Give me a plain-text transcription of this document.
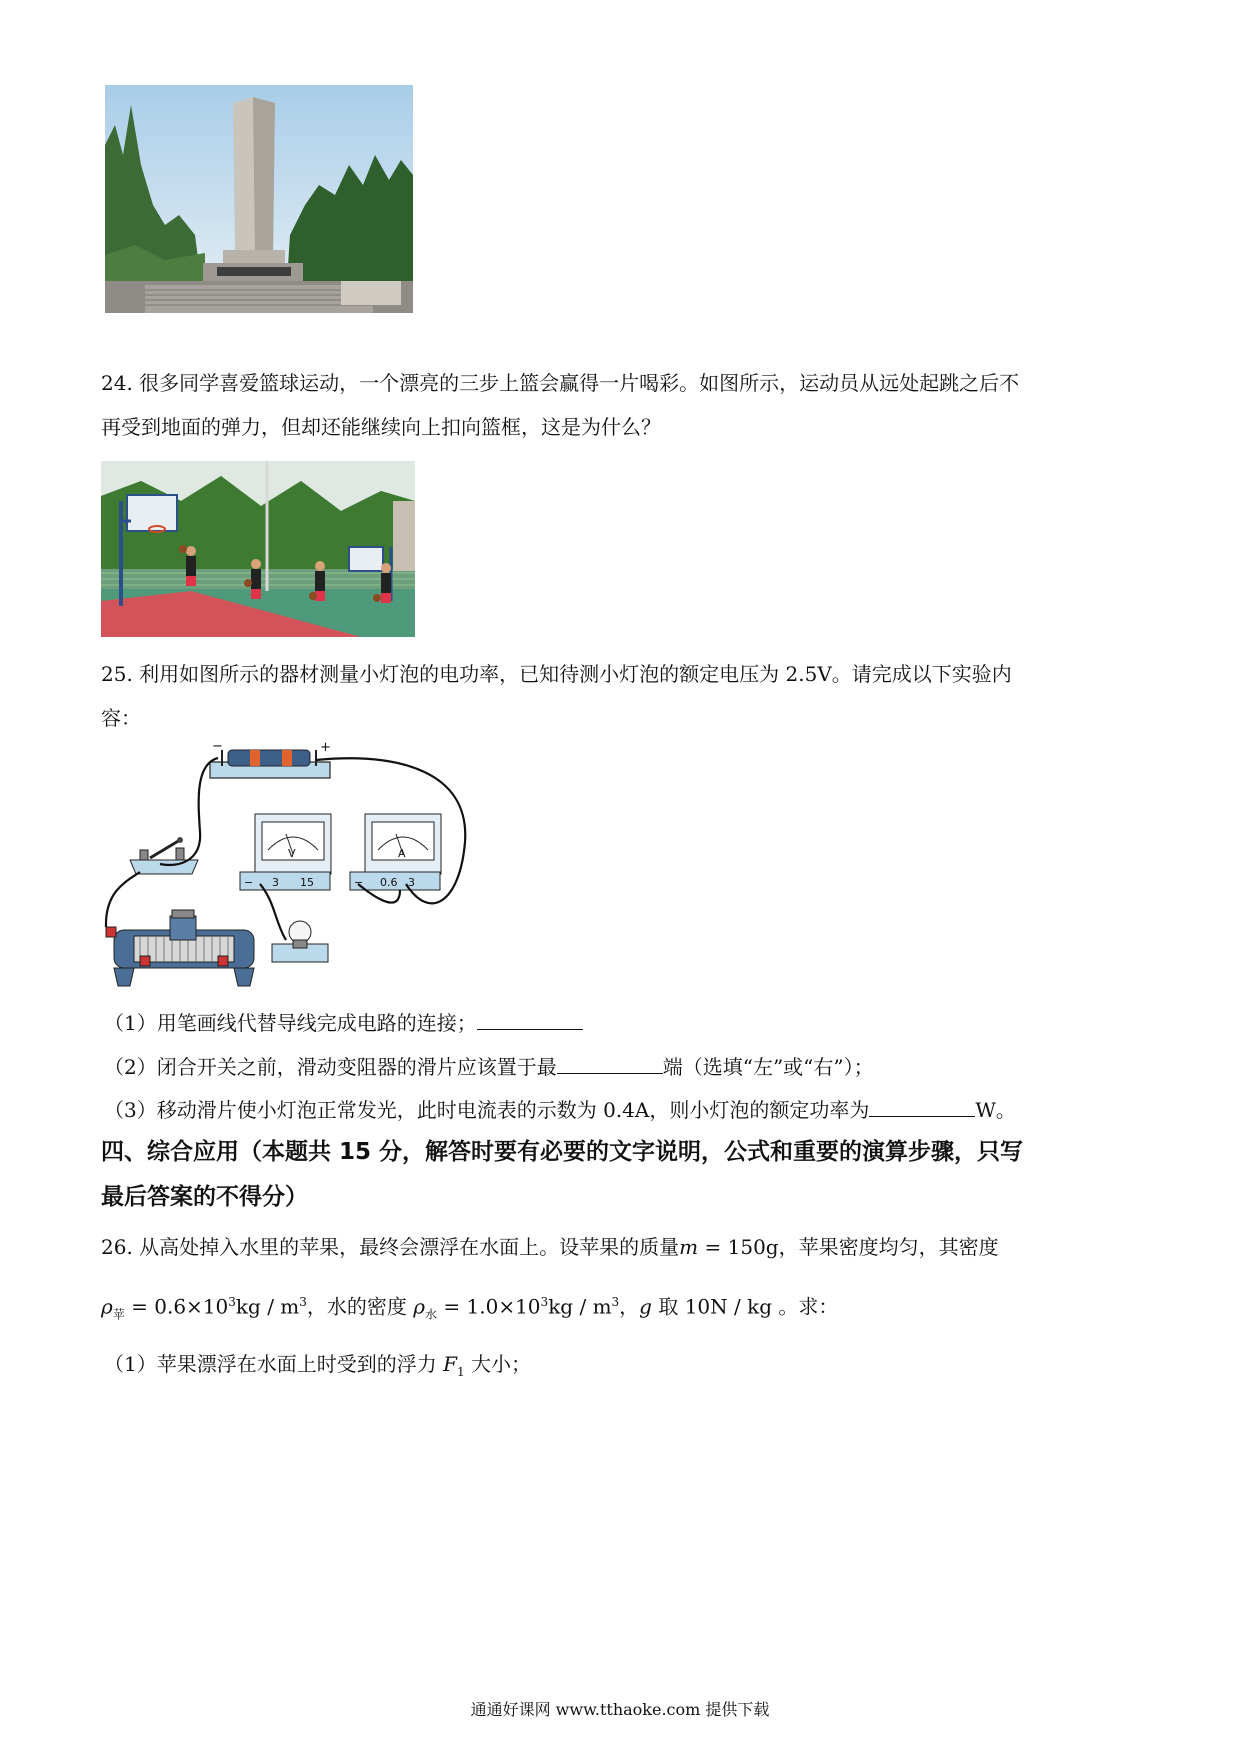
24. 很多同学喜爱篮球运动，一个漂亮的三步上篮会赢得一片喝彩。如图所示，运动员从远处起跳之后不
再受到地面的弹力，但却还能继续向上扣向篮框，这是为什么？
25. 利用如图所示的器材测量小灯泡的电功率，已知待测小灯泡的额定电压为 2.5V。请完成以下实验内
容：
−	+
V
− 3 15
A
− 0.6 3
（1）用笔画线代替导线完成电路的连接；
（2）闭合开关之前，滑动变阻器的滑片应该置于最	端（选填“左”或“右”）；
（3）移动滑片使小灯泡正常发光，此时电流表的示数为 0.4A，则小灯泡的额定功率为	W。
四、综合应用（本题共 15 分，解答时要有必要的文字说明，公式和重要的演算步骤，只写
最后答案的不得分）
26. 从高处掉入水里的苹果，最终会漂浮在水面上。设苹果的质量m = 150g，苹果密度均匀，其密度
$\rho_苹 = 0.6\times 10^3kg / m^3$，水的密度 $\rho_水 = 1.0\times 10^3kg / m^3$，g 取 10N / kg 。求：
（1）苹果漂浮在水面上时受到的浮力 $F_1$ 大小；
通通好课网 www.tthaoke.com 提供下载
